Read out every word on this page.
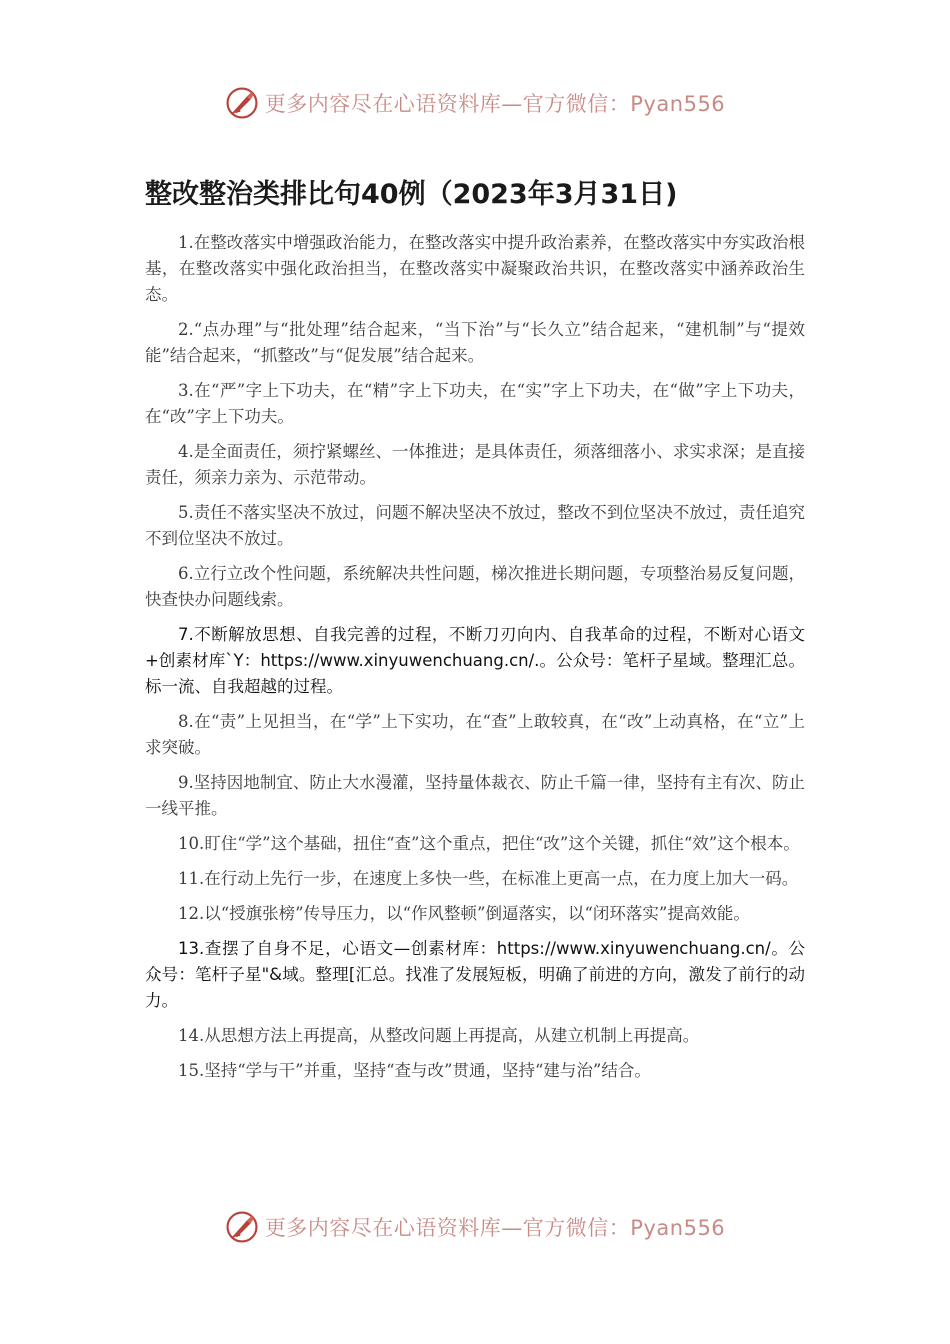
更多内容尽在心语资料库—官方微信：Pyan556
整改整治类排比句40例（2023年3月31日)

1.在整改落实中增强政治能力，在整改落实中提升政治素养，在整改落实中夯实政治根基，在整改落实中强化政治担当，在整改落实中凝聚政治共识，在整改落实中涵养政治生态。

2.“点办理”与“批处理”结合起来，“当下治”与“长久立”结合起来，“建机制”与“提效能”结合起来，“抓整改”与“促发展”结合起来。

3.在“严”字上下功夫，在“精”字上下功夫，在“实”字上下功夫，在“做”字上下功夫，在“改”字上下功夫。

4.是全面责任，须拧紧螺丝、一体推进；是具体责任，须落细落小、求实求深；是直接责任，须亲力亲为、示范带动。

5.责任不落实坚决不放过，问题不解决坚决不放过，整改不到位坚决不放过，责任追究不到位坚决不放过。

6.立行立改个性问题，系统解决共性问题，梯次推进长期问题，专项整治易反复问题，快查快办问题线索。

7.不断解放思想、自我完善的过程，不断刀刃向内、自我革命的过程，不断对心语文+创素材库`Y：https://www.xinyuwenchuang.cn/.。公众号：笔杆子星域。整理汇总。标一流、自我超越的过程。

8.在“责”上见担当，在“学”上下实功，在“查”上敢较真，在“改”上动真格，在“立”上求突破。

9.坚持因地制宜、防止大水漫灌，坚持量体裁衣、防止千篇一律，坚持有主有次、防止一线平推。

10.盯住“学”这个基础，扭住“查”这个重点，把住“改”这个关键，抓住“效”这个根本。

11.在行动上先行一步，在速度上多快一些，在标准上更高一点，在力度上加大一码。

12.以“授旗张榜”传导压力，以“作风整顿”倒逼落实，以“闭环落实”提高效能。

13.查摆了自身不足，心语文—创素材库：https://www.xinyuwenchuang.cn/。公众号：笔杆子星"&域。整理[汇总。找准了发展短板，明确了前进的方向，激发了前行的动力。

14.从思想方法上再提高，从整改问题上再提高，从建立机制上再提高。

15.坚持“学与干”并重，坚持“查与改”贯通，坚持“建与治”结合。

更多内容尽在心语资料库—官方微信：Pyan556
